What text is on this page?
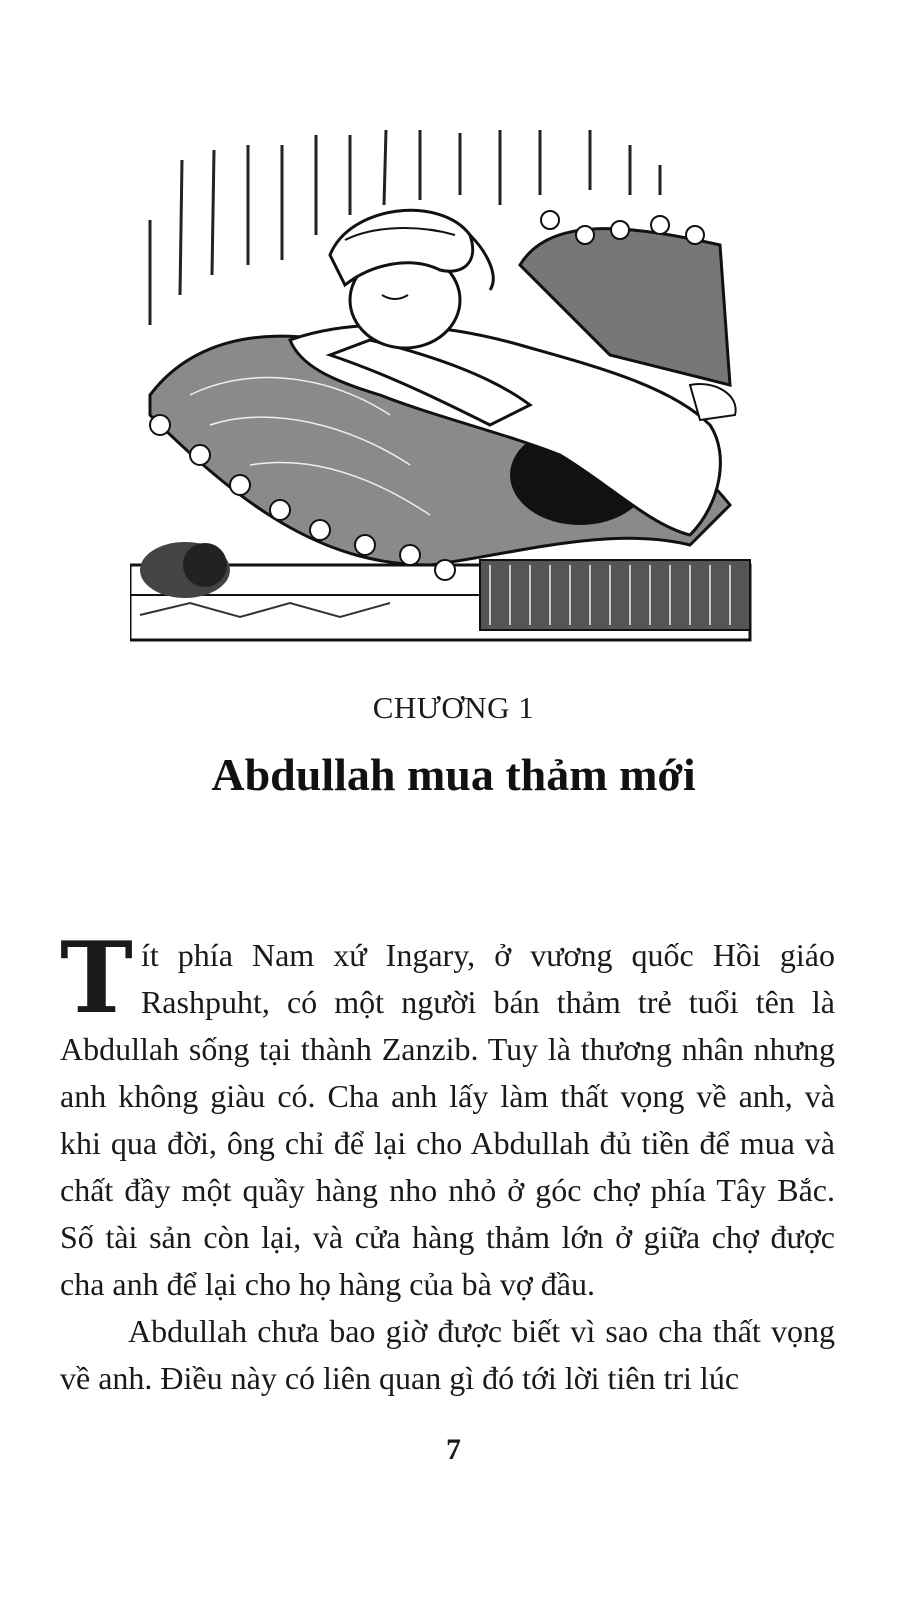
CHƯƠNG 1
Abdullah mua thảm mới

Tít phía Nam xứ Ingary, ở vương quốc Hồi giáo Rashpuht, có một người bán thảm trẻ tuổi tên là Abdullah sống tại thành Zanzib. Tuy là thương nhân nhưng anh không giàu có. Cha anh lấy làm thất vọng về anh, và khi qua đời, ông chỉ để lại cho Abdullah đủ tiền để mua và chất đầy một quầy hàng nho nhỏ ở góc chợ phía Tây Bắc. Số tài sản còn lại, và cửa hàng thảm lớn ở giữa chợ được cha anh để lại cho họ hàng của bà vợ đầu.

Abdullah chưa bao giờ được biết vì sao cha thất vọng về anh. Điều này có liên quan gì đó tới lời tiên tri lúc

7
